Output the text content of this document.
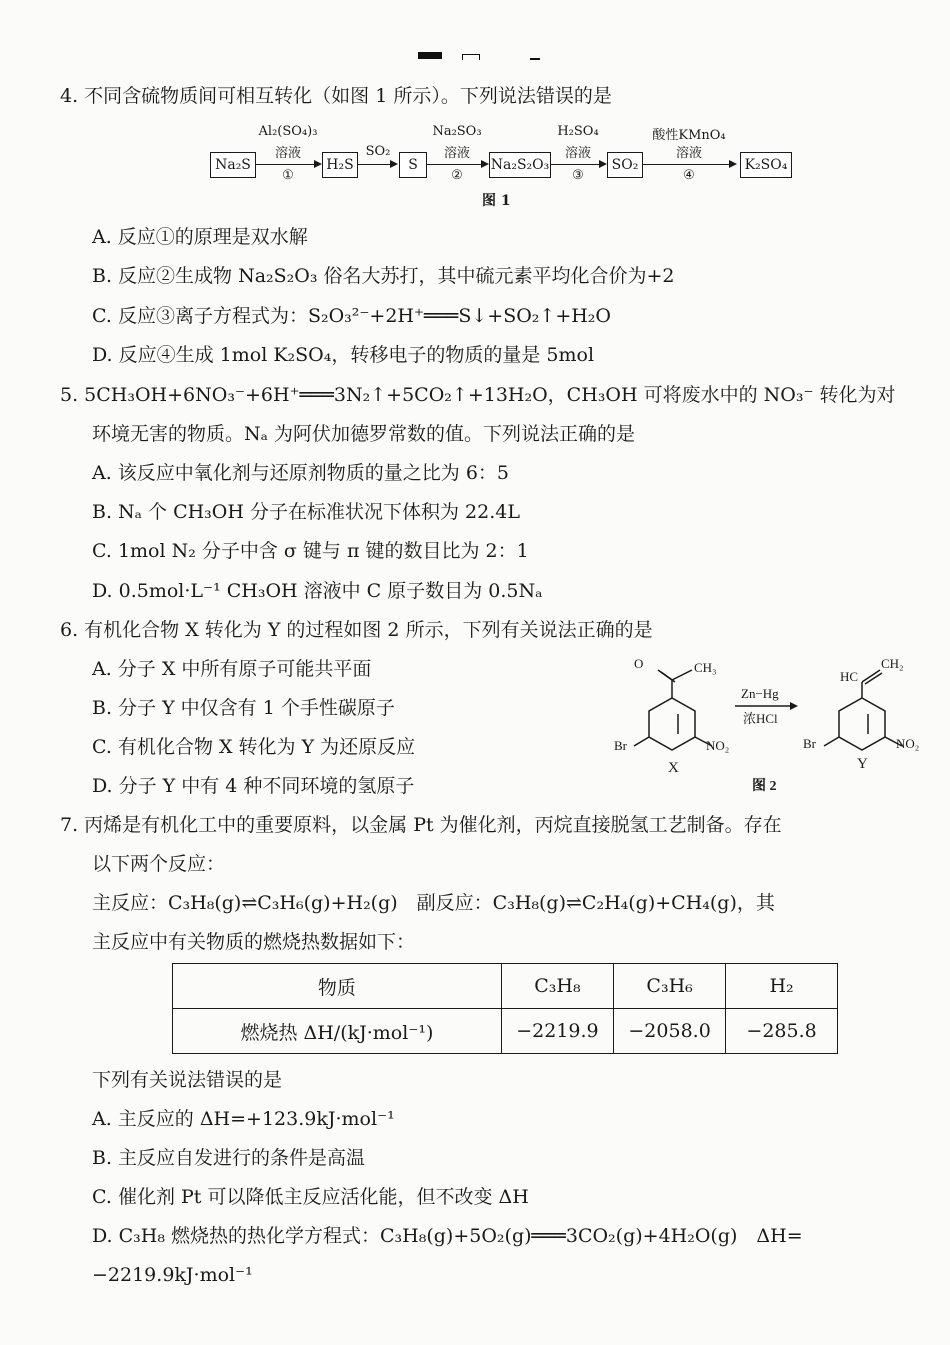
4. 不同含硫物质间可相互转化（如图 1 所示）。下列说法错误的是
Na₂S
Al₂(SO₄)₃
溶液
①
H₂S
SO₂
S
Na₂SO₃
溶液
②
Na₂S₂O₃
H₂SO₄
溶液
③
SO₂
酸性KMnO₄
溶液
④
K₂SO₄
图 1
A. 反应①的原理是双水解
B. 反应②生成物 Na₂S₂O₃ 俗名大苏打，其中硫元素平均化合价为+2
C. 反应③离子方程式为：S₂O₃²⁻+2H⁺═══S↓+SO₂↑+H₂O
D. 反应④生成 1mol K₂SO₄，转移电子的物质的量是 5mol
5. 5CH₃OH+6NO₃⁻+6H⁺═══3N₂↑+5CO₂↑+13H₂O，CH₃OH 可将废水中的 NO₃⁻ 转化为对
环境无害的物质。Nₐ 为阿伏加德罗常数的值。下列说法正确的是
A. 该反应中氧化剂与还原剂物质的量之比为 6：5
B. Nₐ 个 CH₃OH 分子在标准状况下体积为 22.4L
C. 1mol N₂ 分子中含 σ 键与 π 键的数目比为 2：1
D. 0.5mol·L⁻¹ CH₃OH 溶液中 C 原子数目为 0.5Nₐ
6. 有机化合物 X 转化为 Y 的过程如图 2 所示，下列有关说法正确的是
A. 分子 X 中所有原子可能共平面
B. 分子 Y 中仅含有 1 个手性碳原子
C. 有机化合物 X 转化为 Y 为还原反应
D. 分子 Y 中有 4 种不同环境的氢原子
O	CH₃
Br	NO₂
X
Zn−Hg
浓HCl
HC
CH₂
Br	NO₂
Y
图 2
7. 丙烯是有机化工中的重要原料，以金属 Pt 为催化剂，丙烷直接脱氢工艺制备。存在
以下两个反应：
主反应：C₃H₈(g)⇌C₃H₆(g)+H₂(g)　副反应：C₃H₈(g)⇌C₂H₄(g)+CH₄(g)，其
主反应中有关物质的燃烧热数据如下：
物质	C₃H₈	C₃H₆	H₂
燃烧热 ΔH/(kJ·mol⁻¹)	−2219.9	−2058.0	−285.8
下列有关说法错误的是
A. 主反应的 ΔH=+123.9kJ·mol⁻¹
B. 主反应自发进行的条件是高温
C. 催化剂 Pt 可以降低主反应活化能，但不改变 ΔH
D. C₃H₈ 燃烧热的热化学方程式：C₃H₈(g)+5O₂(g)═══3CO₂(g)+4H₂O(g)　ΔH=
−2219.9kJ·mol⁻¹
